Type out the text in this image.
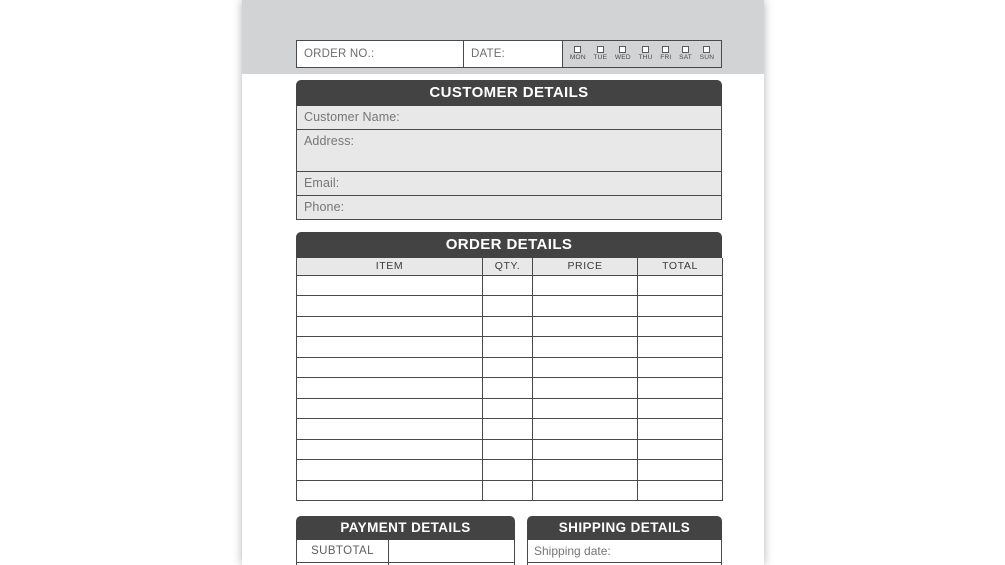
ORDER NO.:	DATE:	MON TUE WED THU FRI SAT SUN
CUSTOMER DETAILS
Customer Name:
Address:
Email:
Phone:
ORDER DETAILS
ITEM	QTY.	PRICE	TOTAL

PAYMENT DETAILS
SUBTOTAL
SHIPPING DETAILS
Shipping date:
